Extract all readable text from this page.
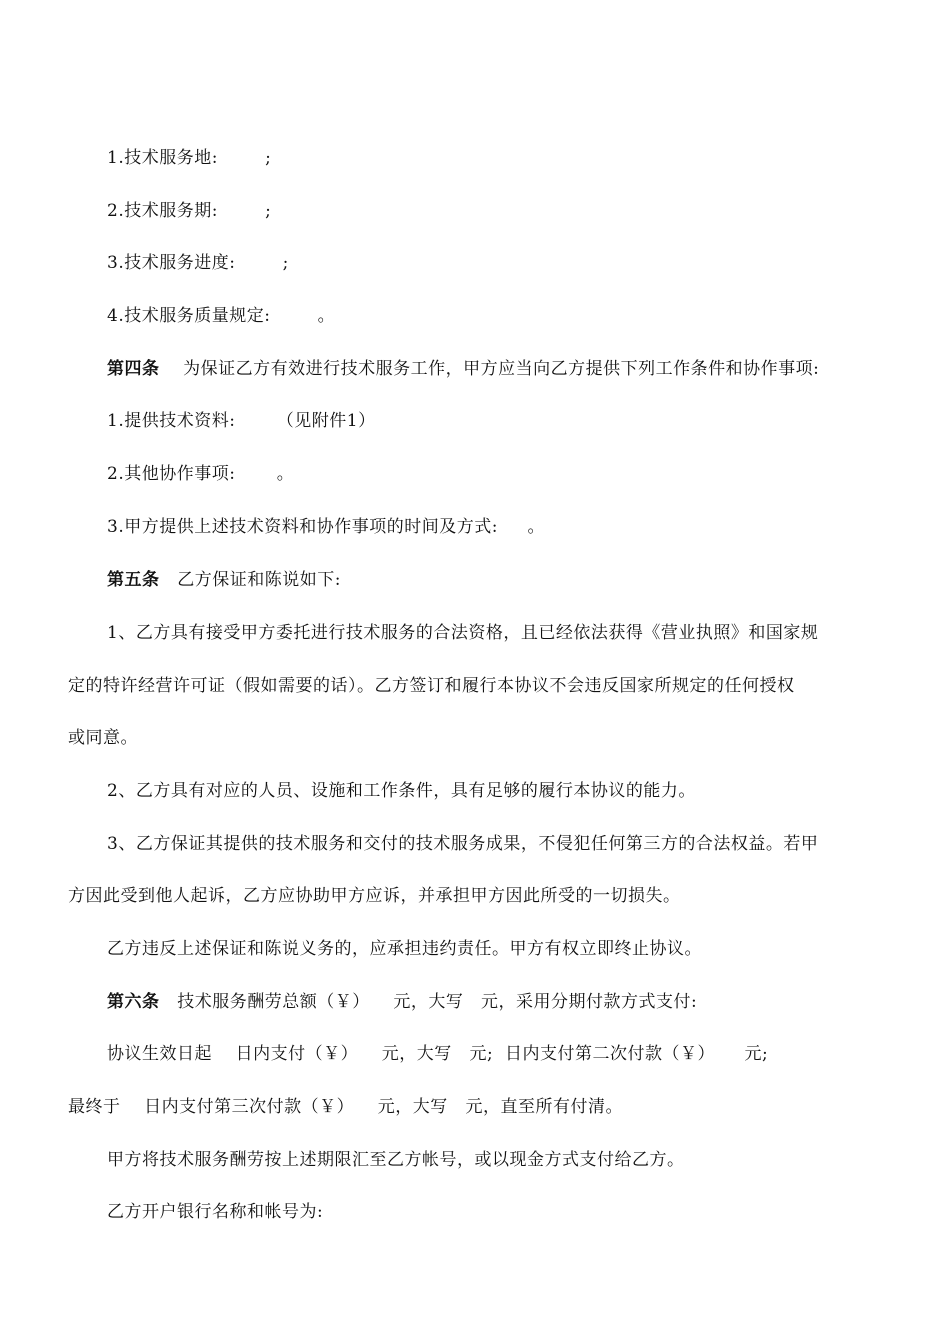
1.技术服务地:        ;
2.技术服务期:        ;
3.技术服务进度:        ;
4.技术服务质量规定:        。
第四条 为保证乙方有效进行技术服务工作，甲方应当向乙方提供下列工作条件和协作事项:
1.提供技术资料:       （见附件1）
2.其他协作事项:       。
3.甲方提供上述技术资料和协作事项的时间及方式:     。
第五条 乙方保证和陈说如下:
1、乙方具有接受甲方委托进行技术服务的合法资格，且已经依法获得《营业执照》和国家规
定的特许经营许可证（假如需要的话）。乙方签订和履行本协议不会违反国家所规定的任何授权
或同意。
2、乙方具有对应的人员、设施和工作条件，具有足够的履行本协议的能力。
3、乙方保证其提供的技术服务和交付的技术服务成果，不侵犯任何第三方的合法权益。若甲
方因此受到他人起诉，乙方应协助甲方应诉，并承担甲方因此所受的一切损失。
乙方违反上述保证和陈说义务的，应承担违约责任。甲方有权立即终止协议。
第六条 技术服务酬劳总额（￥）    元，大写   元，采用分期付款方式支付:
协议生效日起    日内支付（￥）    元，大写   元;  日内支付第二次付款（￥）     元;
最终于    日内支付第三次付款（￥）    元，大写   元，直至所有付清。
甲方将技术服务酬劳按上述期限汇至乙方帐号，或以现金方式支付给乙方。
乙方开户银行名称和帐号为:
